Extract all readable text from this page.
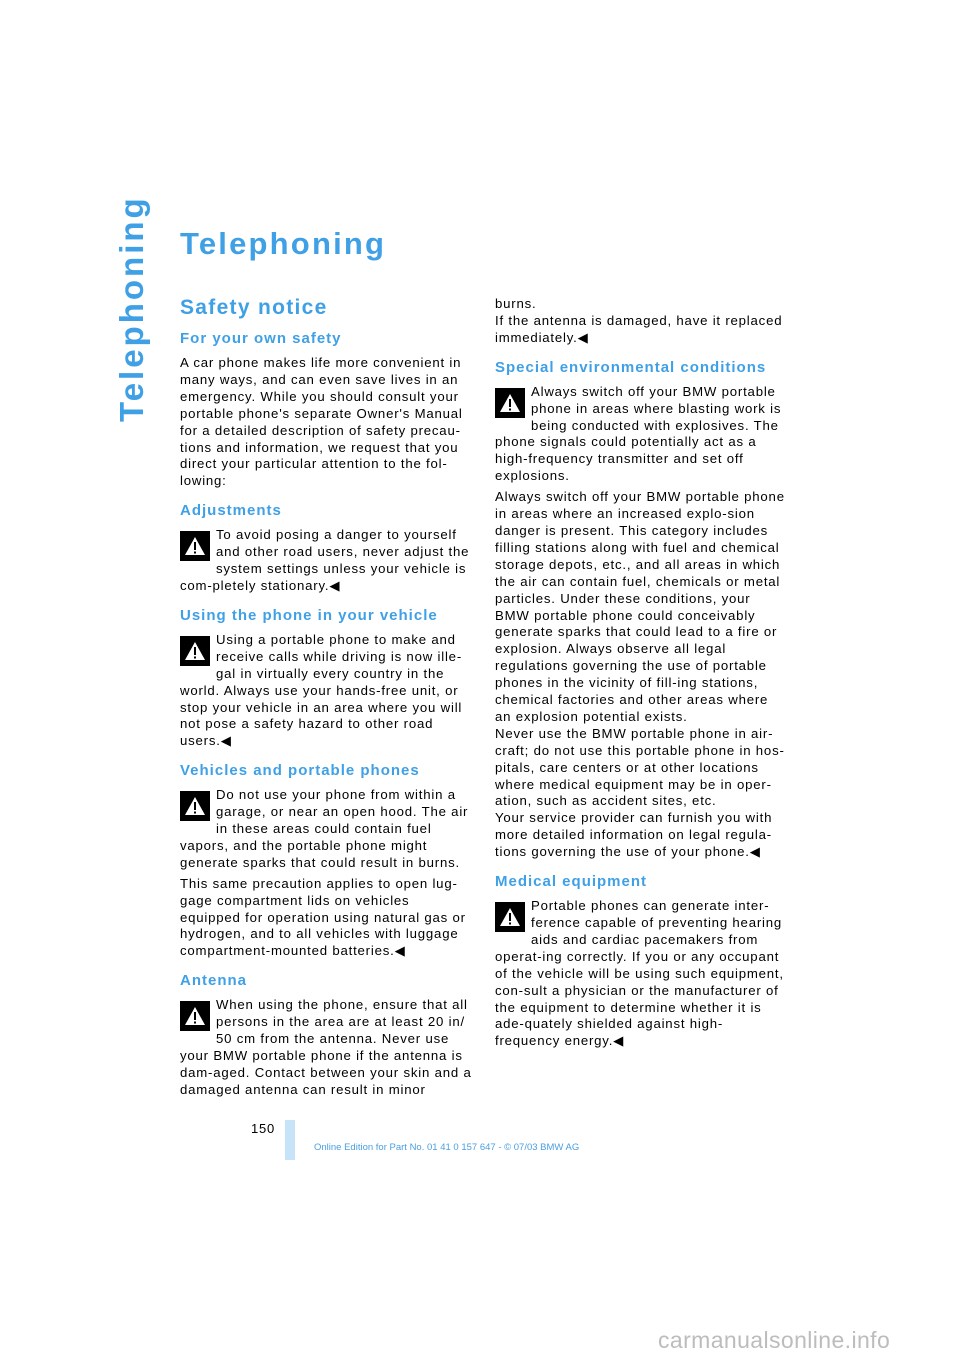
Telephoning Telephoning
Safety notice
For your own safety

A car phone makes life more convenient in many ways, and can even save lives in an emergency. While you should consult your portable phone's separate Owner's Manual for a detailed description of safety precau-tions and information, we request that you direct your particular attention to the fol-lowing:

Adjustments
To avoid posing a danger to yourself and other road users, never adjust the system settings unless your vehicle is com-pletely stationary.◀
Using the phone in your vehicle
Using a portable phone to make and receive calls while driving is now ille-gal in virtually every country in the world. Always use your hands-free unit, or stop your vehicle in an area where you will not pose a safety hazard to other road users.◀
Vehicles and portable phones
Do not use your phone from within a garage, or near an open hood. The air in these areas could contain fuel vapors, and the portable phone might generate sparks that could result in burns.

This same precaution applies to open lug-gage compartment lids on vehicles equipped for operation using natural gas or hydrogen, and to all vehicles with luggage compartment-mounted batteries.◀

Antenna
When using the phone, ensure that all persons in the area are at least 20 in/ 50 cm from the antenna. Never use your BMW portable phone if the antenna is dam-aged. Contact between your skin and a damaged antenna can result in minor

burns.

If the antenna is damaged, have it replaced immediately.◀

Special environmental conditions
Always switch off your BMW portable phone in areas where blasting work is being conducted with explosives. The phone signals could potentially act as a high-frequency transmitter and set off explosions.

Always switch off your BMW portable phone in areas where an increased explo-sion danger is present. This category includes filling stations along with fuel and chemical storage depots, etc., and all areas in which the air can contain fuel, chemicals or metal particles. Under these conditions, your BMW portable phone could conceivably generate sparks that could lead to a fire or explosion. Always observe all legal regulations governing the use of portable phones in the vicinity of fill-ing stations, chemical factories and other areas where an explosion potential exists.

Never use the BMW portable phone in air-craft; do not use this portable phone in hos-pitals, care centers or at other locations where medical equipment may be in oper-ation, such as accident sites, etc.

Your service provider can furnish you with more detailed information on legal regula-tions governing the use of your phone.◀

Medical equipment
Portable phones can generate inter-ference capable of preventing hearing aids and cardiac pacemakers from operat-ing correctly. If you or any occupant of the vehicle will be using such equipment, con-sult a physician or the manufacturer of the equipment to determine whether it is ade-quately shielded against high-frequency energy.◀
150
Online Edition for Part No. 01 41 0 157 647 - © 07/03 BMW AG
carmanualsonline.info
